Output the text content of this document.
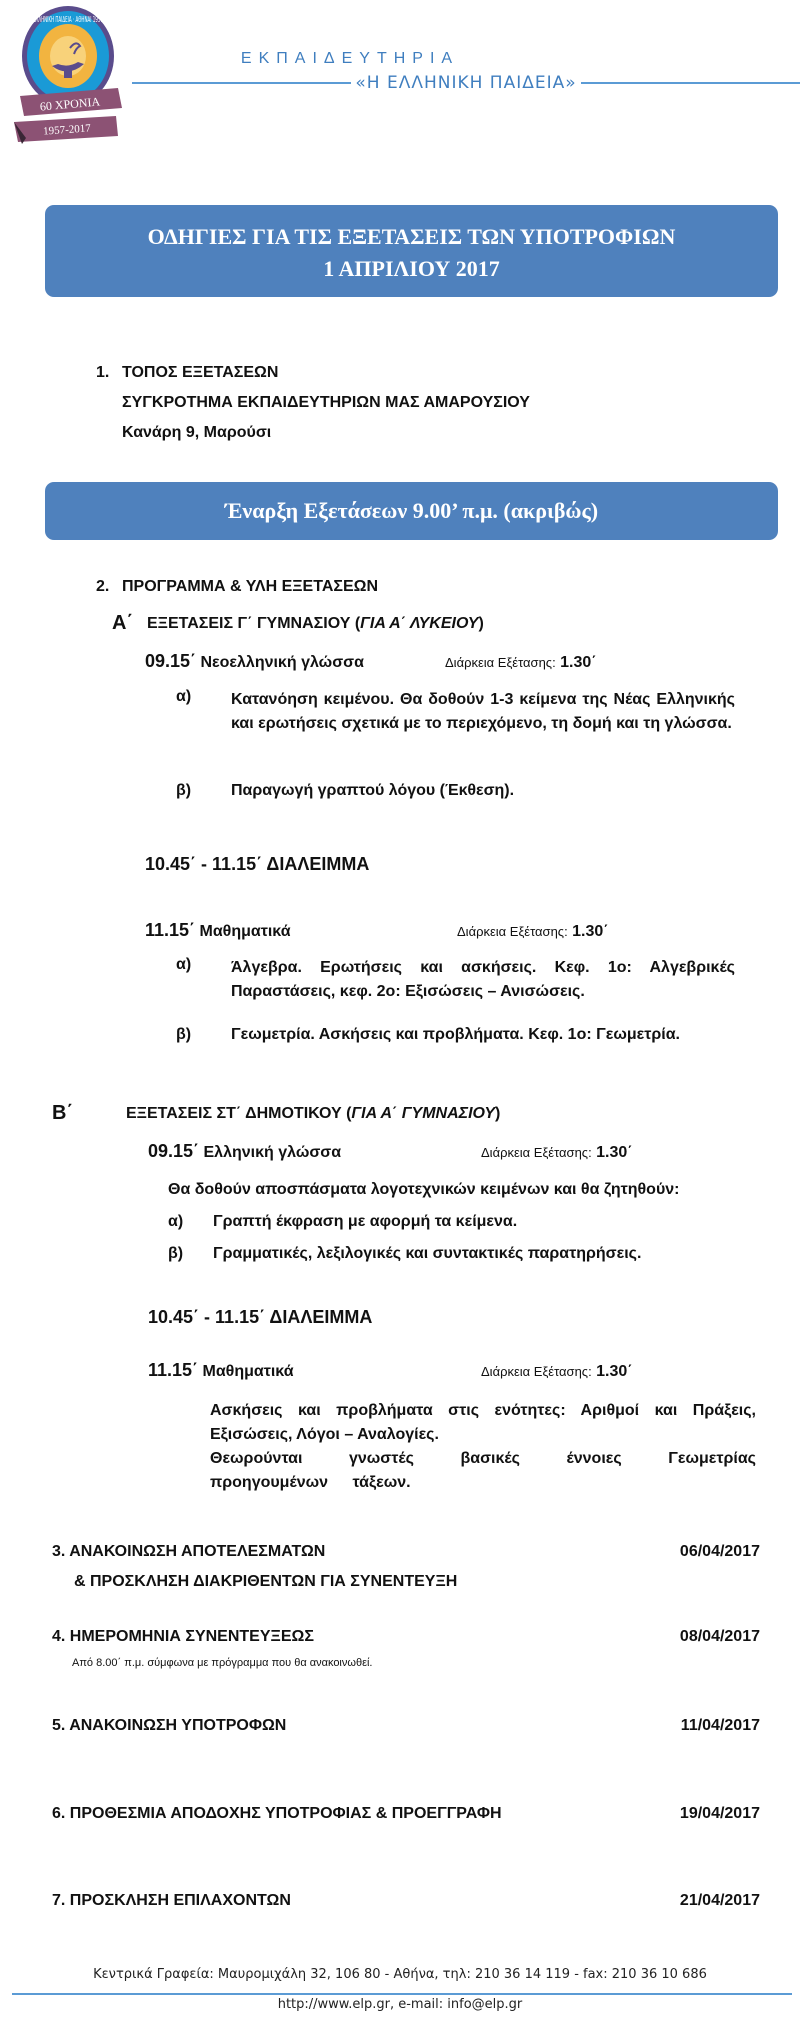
ΕΛΛΗΝΙΚΗ ΠΑΙΔΕΙΑ · ΑΘΗΝΑΙ 1957
60 ΧΡΟΝΙΑ
1957-2017
ΕΚΠΑΙΔΕΥΤΗΡΙΑ
«Η ΕΛΛΗΝΙΚΗ ΠΑΙΔΕΙΑ»
ΟΔΗΓΙΕΣ ΓΙΑ ΤΙΣ ΕΞΕΤΑΣΕΙΣ ΤΩΝ ΥΠΟΤΡΟΦΙΩΝ
1 ΑΠΡΙΛΙΟΥ 2017
1. ΤΟΠΟΣ ΕΞΕΤΑΣΕΩΝ
ΣΥΓΚΡΟΤΗΜΑ ΕΚΠΑΙΔΕΥΤΗΡΙΩΝ ΜΑΣ ΑΜΑΡΟΥΣΙΟΥ
Κανάρη 9, Μαρούσι
Έναρξη Εξετάσεων 9.00’ π.μ. (ακριβώς)
2. ΠΡΟΓΡΑΜΜΑ & ΥΛΗ ΕΞΕΤΑΣΕΩΝ
Α΄ ΕΞΕΤΑΣΕΙΣ Γ΄ ΓΥΜΝΑΣΙΟΥ (ΓΙΑ Α΄ ΛΥΚΕΙΟΥ)
09.15΄ Νεοελληνική γλώσσα	Διάρκεια Εξέτασης: 1.30΄
α) Κατανόηση κειμένου. Θα δοθούν 1-3 κείμενα της Νέας Ελληνικής και ερωτήσεις σχετικά με το περιεχόμενο, τη δομή και τη γλώσσα.
β) Παραγωγή γραπτού λόγου (Έκθεση).
10.45΄ - 11.15΄ ΔΙΑΛΕΙΜΜΑ
11.15΄ Μαθηματικά	Διάρκεια Εξέτασης: 1.30΄
α) Άλγεβρα. Ερωτήσεις και ασκήσεις. Κεφ. 1ο: Αλγεβρικές Παραστάσεις, κεφ. 2ο: Εξισώσεις – Ανισώσεις.
β) Γεωμετρία. Ασκήσεις και προβλήματα. Κεφ. 1ο: Γεωμετρία.
Β΄	ΕΞΕΤΑΣΕΙΣ ΣΤ΄ ΔΗΜΟΤΙΚΟΥ (ΓΙΑ Α΄ ΓΥΜΝΑΣΙΟΥ)
09.15΄ Ελληνική γλώσσα	Διάρκεια Εξέτασης: 1.30΄
Θα δοθούν αποσπάσματα λογοτεχνικών κειμένων και θα ζητηθούν:
α) Γραπτή έκφραση με αφορμή τα κείμενα.
β) Γραμματικές, λεξιλογικές και συντακτικές παρατηρήσεις.
10.45΄ - 11.15΄ ΔΙΑΛΕΙΜΜΑ
11.15΄ Μαθηματικά	Διάρκεια Εξέτασης: 1.30΄
Ασκήσεις και προβλήματα στις ενότητες: Αριθμοί και Πράξεις, Εξισώσεις, Λόγοι – Αναλογίες.
Θεωρούνται γνωστές βασικές έννοιες Γεωμετρίας προηγουμένων τάξεων.
3. ΑΝΑΚΟΙΝΩΣΗ ΑΠΟΤΕΛΕΣΜΑΤΩΝ	06/04/2017
& ΠΡΟΣΚΛΗΣΗ ΔΙΑΚΡΙΘΕΝΤΩΝ ΓΙΑ ΣΥΝΕΝΤΕΥΞΗ
4. ΗΜΕΡΟΜΗΝΙΑ ΣΥΝΕΝΤΕΥΞΕΩΣ	08/04/2017
Από 8.00΄ π.μ. σύμφωνα με πρόγραμμα που θα ανακοινωθεί.
5. ΑΝΑΚΟΙΝΩΣΗ ΥΠΟΤΡΟΦΩΝ	11/04/2017
6. ΠΡΟΘΕΣΜΙΑ ΑΠΟΔΟΧΗΣ ΥΠΟΤΡΟΦΙΑΣ & ΠΡΟΕΓΓΡΑΦΗ	19/04/2017
7. ΠΡΟΣΚΛΗΣΗ ΕΠΙΛΑΧΟΝΤΩΝ	21/04/2017
Κεντρικά Γραφεία: Μαυρομιχάλη 32, 106 80 - Αθήνα, τηλ: 210 36 14 119 - fax: 210 36 10 686
http://www.elp.gr, e-mail: info@elp.gr
